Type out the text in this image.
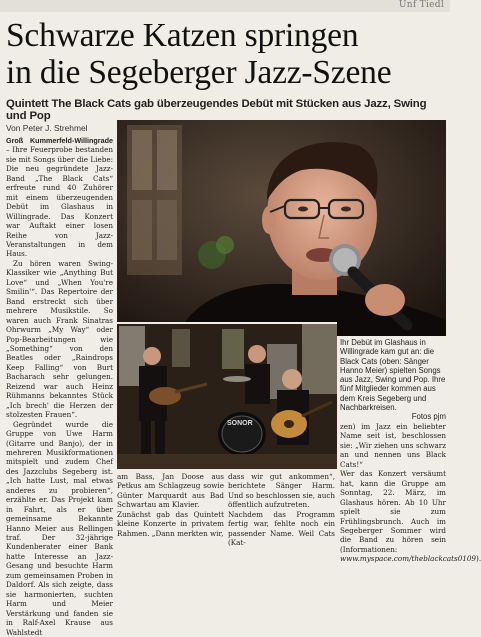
Unf Tiedl
Schwarze Katzen springen
in die Segeberger Jazz-Szene
Quintett The Black Cats gab überzeugendes Debüt mit Stücken aus Jazz, Swing und Pop
Von Peter J. Strehmel
SONOR
Ihr Debüt im Glashaus in Willingrade kam gut an: die Black Cats (oben: Sänger Hanno Meier) spielten Songs aus Jazz, Swing und Pop. Ihre fünf Mitglieder kommen aus dem Kreis Segeberg und Nachbarkreisen.
Fotos pjm

Groß Kummerfeld-Willingrade – Ihre Feuerprobe bestanden sie mit Songs über die Liebe: Die neu gegründete Jazz-Band „The Black Cats“ erfreute rund 40 Zuhörer mit einem überzeugenden Debüt im Glashaus in Willingrade. Das Konzert war Auftakt einer losen Reihe von Jazz-Veranstaltungen in dem Haus.

Zu hören waren Swing-Klassiker wie „Anything But Love“ und „When You're Smilin'“. Das Repertoire der Band erstreckt sich über mehrere Musikstile. So waren auch Frank Sinatras Ohrwurm „My Way“ oder Pop-Bearbeitungen wie „Something“ von den Beatles oder „Raindrops Keep Falling“ von Burt Bacharach sehr gelungen. Reizend war auch Heinz Rühmanns bekanntes Stück „Ich brech' die Herzen der stolzesten Frauen“.

Gegründet wurde die Gruppe von Uwe Harm (Gitarre und Banjo), der in mehreren Musikformationen mitspielt und zudem Chef des Jazzclubs Segeberg ist. „Ich hatte Lust, mal etwas anderes zu probieren“, erzählte er. Das Projekt kam in Fahrt, als er über gemeinsame Bekannte Hanno Meier aus Rellingen traf. Der 32-jährige Kundenberater einer Bank hatte Interesse an Jazz-Gesang und besuchte Harm zum gemeinsamen Proben in Daldorf. Als sich zeigte, dass sie harmonierten, suchten Harm und Meier Verstärkung und fanden sie in Ralf-Axel Krause aus Wahlstedt

am Bass, Jan Doose aus Petkus am Schlagzeug sowie Günter Marquardt aus Bad Schwartau am Klavier.
Zunächst gab das Quintett kleine Konzerte in privatem Rahmen. „Dann merkten wir,

dass wir gut ankommen“, berichtete Sänger Harm. Und so beschlossen sie, auch öffentlich aufzutreten.
Nachdem das Programm fertig war, fehlte noch ein passender Name. Weil Cats (Kat-

zen) im Jazz ein beliebter Name seit ist, beschlossen sie: „Wir ziehen uns schwarz an und nennen uns Black Cats!“
Wer das Konzert versäumt hat, kann die Gruppe am Sonntag, 22. März, im Glashaus hören. Ab 10 Uhr spielt sie zum Frühlingsbrunch. Auch im Segeberger Sommer wird die Band zu hören sein (Informationen: www.myspace.com/theblackcats0109).
